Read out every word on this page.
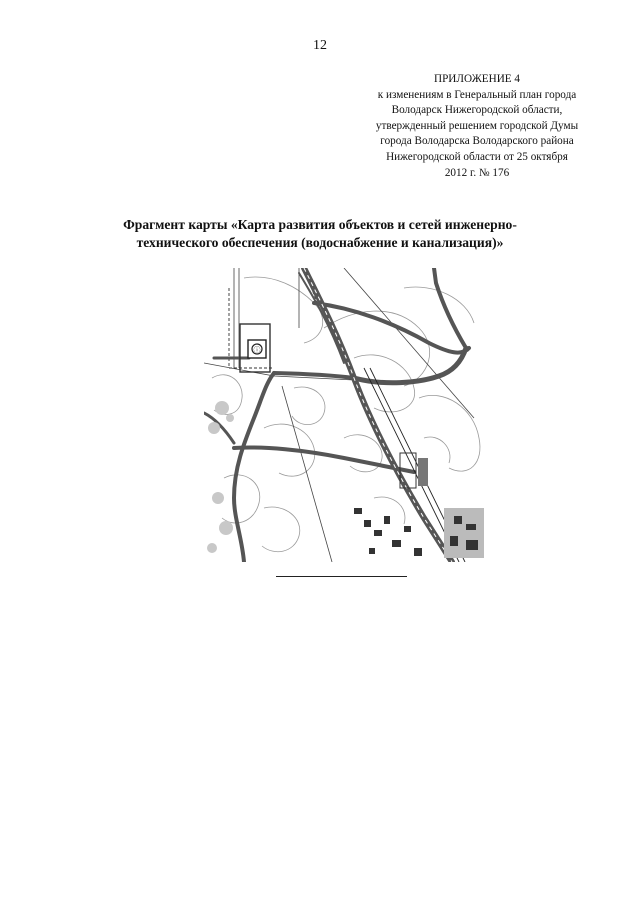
12
ПРИЛОЖЕНИЕ 4
к изменениям в Генеральный план города
Володарск Нижегородской области,
утвержденный решением городской Думы
города Володарска Володарского района
Нижегородской области от 25 октября
2012 г. № 176
Фрагмент карты «Карта развития объектов и сетей инженерно-
технического обеспечения (водоснабжение и канализация)»
ⓘ
